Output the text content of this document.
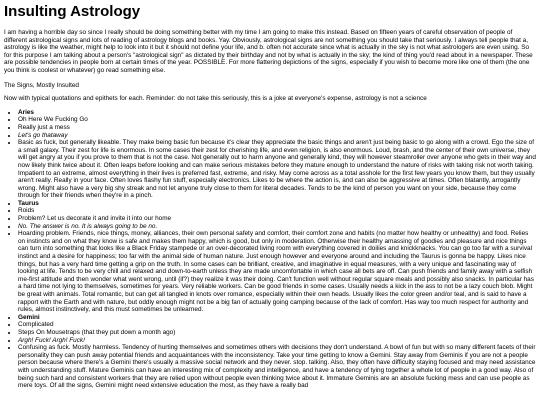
Insulting Astrology

I am having a horrible day so since I really should be doing something better with my time I am going to make this instead. Based on fifteen years of careful observation of people of different astrological signs and lots of reading of astrology blogs and books. Yay. Obviously, astrological signs are not something you should take that seriously. I always tell people that a, astrology is like the weather, might help to look into it but it should not define your life, and b. often not accurate since what is actually in the sky is not what astrologers are even using. So for this purpose I am talking about a person's "astrological sign" as dictated by their birthday and not by what is actually in the sky; the kind of thing you'd read about in a newspaper. These are possible tendencies in people born at certain times of the year. POSSIBLE. For more flattering depictions of the signs, especially if you wish to become more like one of them (the one you think is coolest or whatever) go read something else.

The Signs, Mostly Insulted

Now with typical quotations and epithets for each. Reminder: do not take this seriously, this is a joke at everyone's expense, astrology is not a science

• Aries
• Oh Here We Fucking Go
• Really just a mess
• Let's go thataway
• Basic as fuck, but generally likeable. They make being basic fun because it's clear they appreciate the basic things and aren't just being basic to go along with a crowd. Ego the size of a small galaxy. Their zest for life is enormous. In some cases their zest for cherishing life, and even religion, is also enormous. Loud, brash, and the center of their own universe, they will get angry at you if you prove to them that is not the case. Not generally out to harm anyone and generally kind, they will however steamroller over anyone who gets in their way and now likely think twice about it. Often leaps before looking and can make serious mistakes before they mature enough to understand the nature of risks with taking risk not worth taking. Impatient to an extreme, almost everything in their lives is preferred fast, extreme, and risky. May come across as a total asshole for the first few years you know them, but they usually aren't really. Really in your face. Often loves flashy fun stuff, especially electronics. Likes to be where the action is, and can also be aggressive at times. Often blatantly, arrogantly wrong. Might also have a very big shy streak and not let anyone truly close to them for literal decades. Tends to be the kind of person you want on your side, because they come through for their friends when they're in a pinch.
• Taurus
• Roids
• Problem? Let us decorate it and invite it into our home
• No. The answer is no. It is always going to be no.
• Hoarding problem. Friends, nice things, money, alliances, their own personal safety and comfort, their comfort zone and habits (no matter how healthy or unhealthy) and food. Relies on instincts and on what they know is safe and makes them happy, which is good, but only in moderation. Otherwise their healthy amassing of goodies and pleasure and nice things can turn into something that looks like a Black Friday stampede or an over-decorated living room with everything covered in doilies and knickknacks. You can go too far with a survival instinct and a desire for happiness; too far with the animal side of human nature. Just enough however and everyone around and including the Taurus is gonna be happy. Likes nice things, but has a very hard time getting a grip on the truth. In some cases can be brilliant, creative, and imaginative in equal measures, with a very unique and fascinating way of looking at life. Tends to be very chill and relaxed and down-to-earth unless they are made uncomfortable in which case all bets are off. Can push friends and family away with a selfish me-first attitude and then wonder what went wrong, until (if?) they realize it was their doing. Can't function well without regular square meals and possibly also snacks. In particular has a hard time not lying to themselves, sometimes for years. Very reliable workers. Can be good friends in some cases. Usually needs a kick in the ass to not be a lazy couch blob. Might be great with animals. Total romantic, but can get all tangled in knots over romance, especially within their own heads. Usually likes the color green and/or teal, and is said to have a rapport with the Earth and with nature, but oddly enough might not be a big fan of actually going camping because of the lack of comfort. Has way too much respect for authority and rules, almost instinctively, and this must sometimes be unlearned.
• Gemini
• Complicated
• Steps On Mousetraps (that they put down a month ago)
• Argh! Fuck! Argh! Fuck!
• Confusing as fuck. Mostly harmless. Tendency of hurting themselves and sometimes others with decisions they don't understand. A bowl of fun but with so many different facets of their personality they can push away potential friends and acquaintances with the inconsistency. Take your time getting to know a Gemini. Stay away from Geminis if you are not a people person because where there's a Gemini there's usually a massive social network and they never. stop. talking. Also, they often have difficulty staying focused and may need assistance with understanding stuff. Mature Geminis can have an interesting mix of complexity and intelligence, and have a tendency of tying together a whole lot of people in a good way. Also of being such hard and consistent workers that they are relied upon without people even thinking twice about it. Immature Geminis are an absolute fucking mess and can use people as mere toys. Of all the signs, Gemini might need extensive education the most, as they have a really bad
